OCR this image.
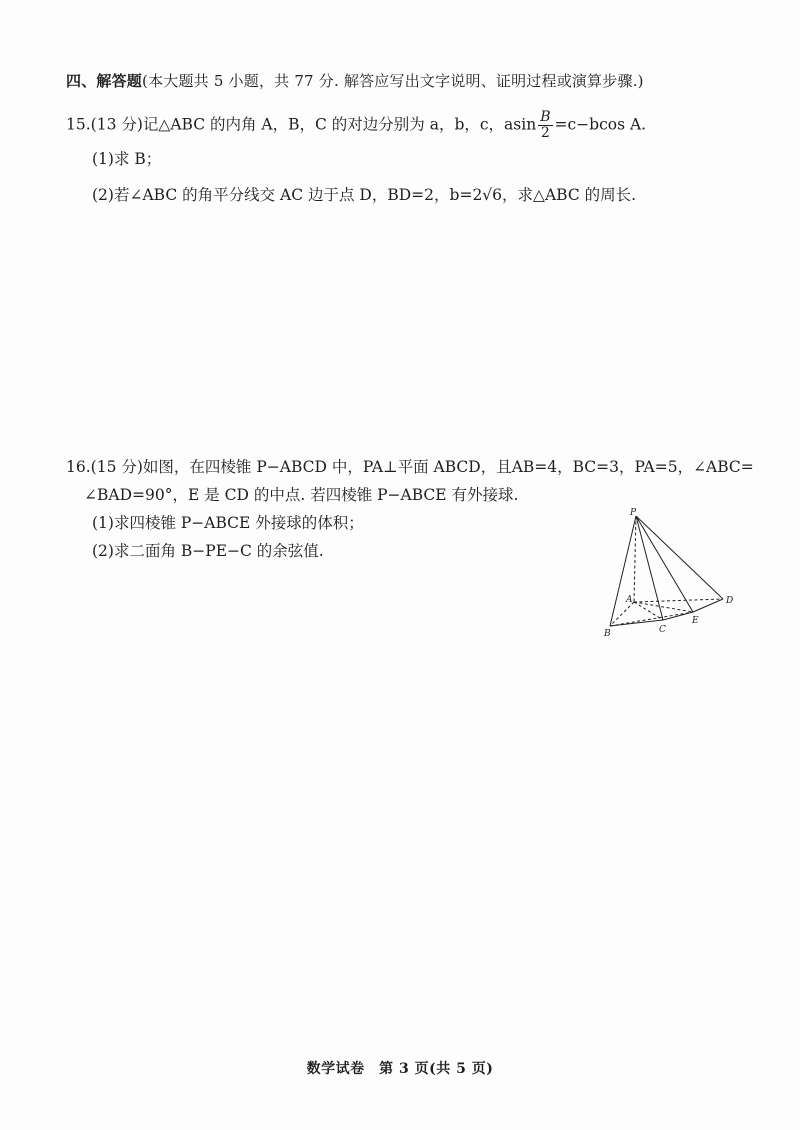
四、解答题(本大题共 5 小题，共 77 分. 解答应写出文字说明、证明过程或演算步骤.)
15.(13 分)记△ABC 的内角 A，B，C 的对边分别为 a，b，c，asin $\frac{B}{2} =c-bcos$ A.
(1)求 B；
(2)若∠ABC 的角平分线交 AC 边于点 D，BD=2，b=2√6，求△ABC 的周长.
16.(15 分)如图，在四棱锥 P−ABCD 中，PA⊥平面 ABCD，且AB=4，BC=3，PA=5，∠ABC=
∠BAD=90°，E 是 CD 的中点. 若四棱锥 P−ABCE 有外接球.
(1)求四棱锥 P−ABCE 外接球的体积；
(2)求二面角 B−PE−C 的余弦值.
P
A
B	C
D
E
数学试卷　第 3 页(共 5 页)
